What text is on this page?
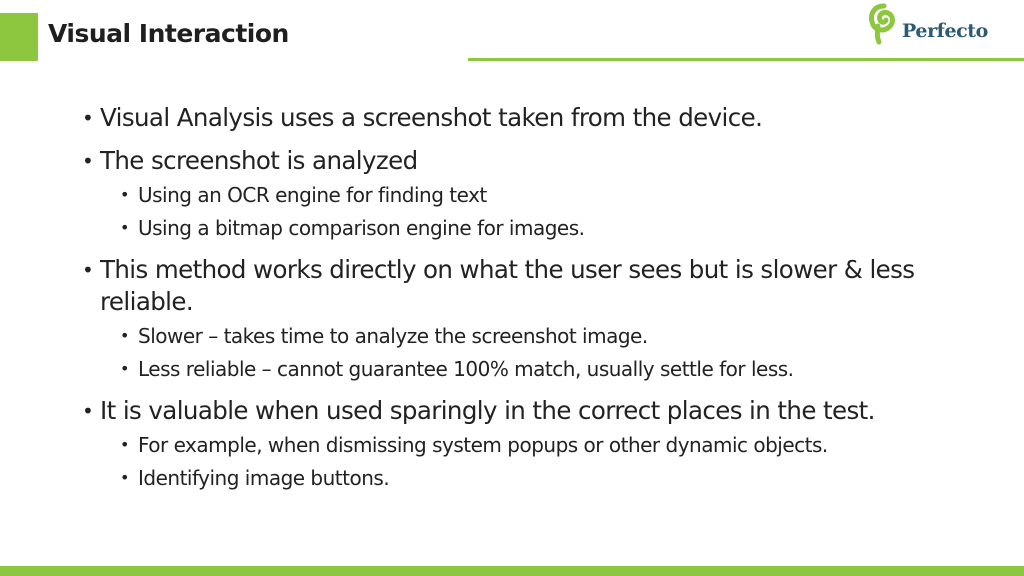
Visual Interaction	Perfecto
• Visual Analysis uses a screenshot taken from the device.
• The screenshot is analyzed
• Using an OCR engine for finding text
• Using a bitmap comparison engine for images.
• This method works directly on what the user sees but is slower & less reliable.
• Slower – takes time to analyze the screenshot image.
• Less reliable – cannot guarantee 100% match, usually settle for less.
• It is valuable when used sparingly in the correct places in the test.
• For example, when dismissing system popups or other dynamic objects.
• Identifying image buttons.
